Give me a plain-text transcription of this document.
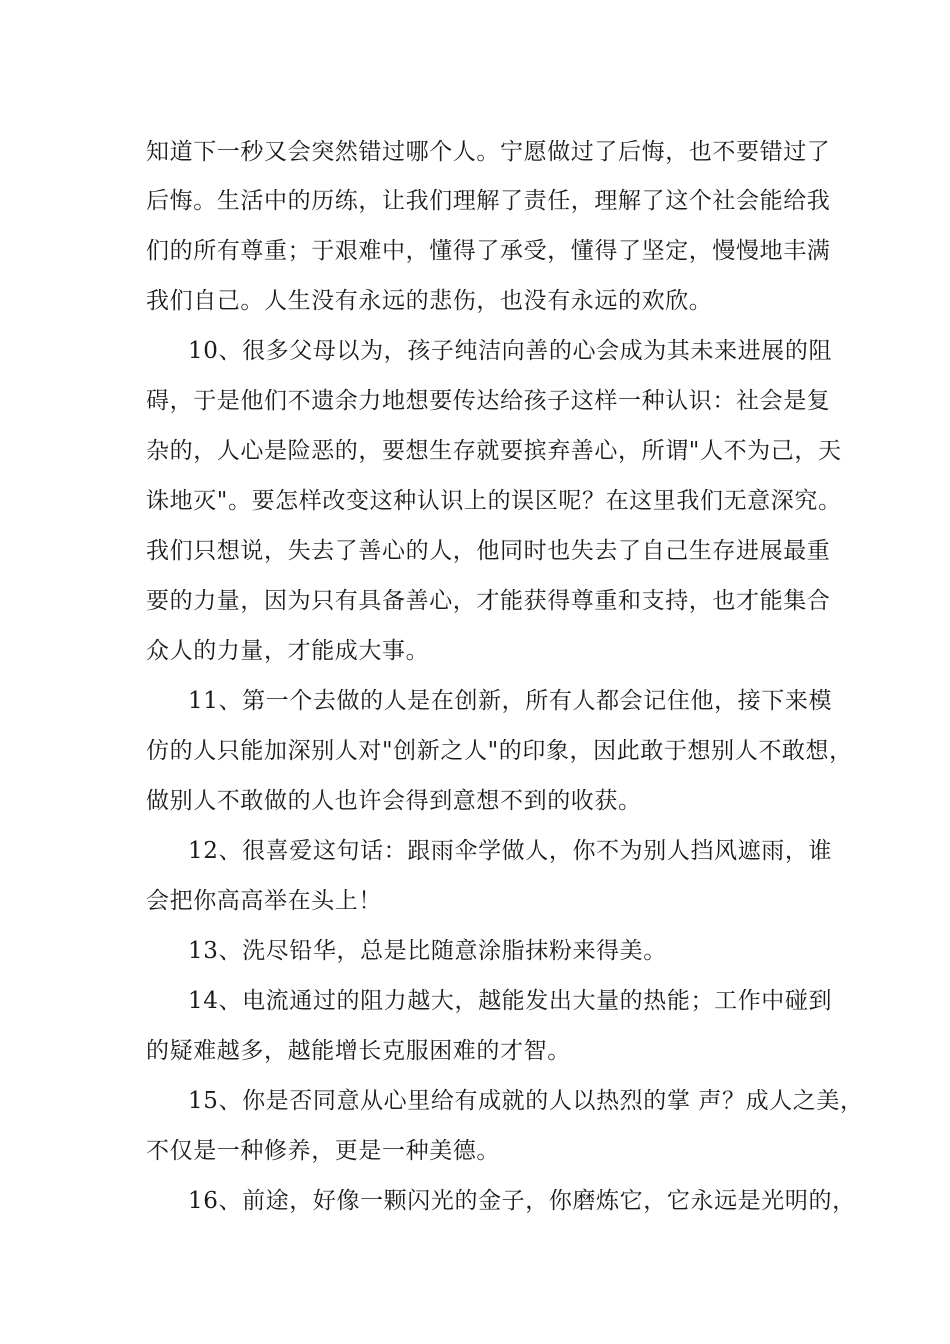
知道下一秒又会突然错过哪个人。宁愿做过了后悔，也不要错过了
后悔。生活中的历练，让我们理解了责任，理解了这个社会能给我
们的所有尊重；于艰难中，懂得了承受，懂得了坚定，慢慢地丰满
我们自己。人生没有永远的悲伤，也没有永远的欢欣。
10、很多父母以为，孩子纯洁向善的心会成为其未来进展的阻
碍，于是他们不遗余力地想要传达给孩子这样一种认识：社会是复
杂的，人心是险恶的，要想生存就要摈弃善心，所谓"人不为己，天
诛地灭"。要怎样改变这种认识上的误区呢？在这里我们无意深究。
我们只想说，失去了善心的人，他同时也失去了自己生存进展最重
要的力量，因为只有具备善心，才能获得尊重和支持，也才能集合
众人的力量，才能成大事。
11、第一个去做的人是在创新，所有人都会记住他，接下来模
仿的人只能加深别人对"创新之人"的印象，因此敢于想别人不敢想，
做别人不敢做的人也许会得到意想不到的收获。
12、很喜爱这句话：跟雨伞学做人，你不为别人挡风遮雨，谁
会把你高高举在头上！
13、洗尽铅华，总是比随意涂脂抹粉来得美。
14、电流通过的阻力越大，越能发出大量的热能；工作中碰到
的疑难越多，越能增长克服困难的才智。
15、你是否同意从心里给有成就的人以热烈的掌 声？成人之美，
不仅是一种修养，更是一种美德。
16、前途，好像一颗闪光的金子，你磨炼它，它永远是光明的，
